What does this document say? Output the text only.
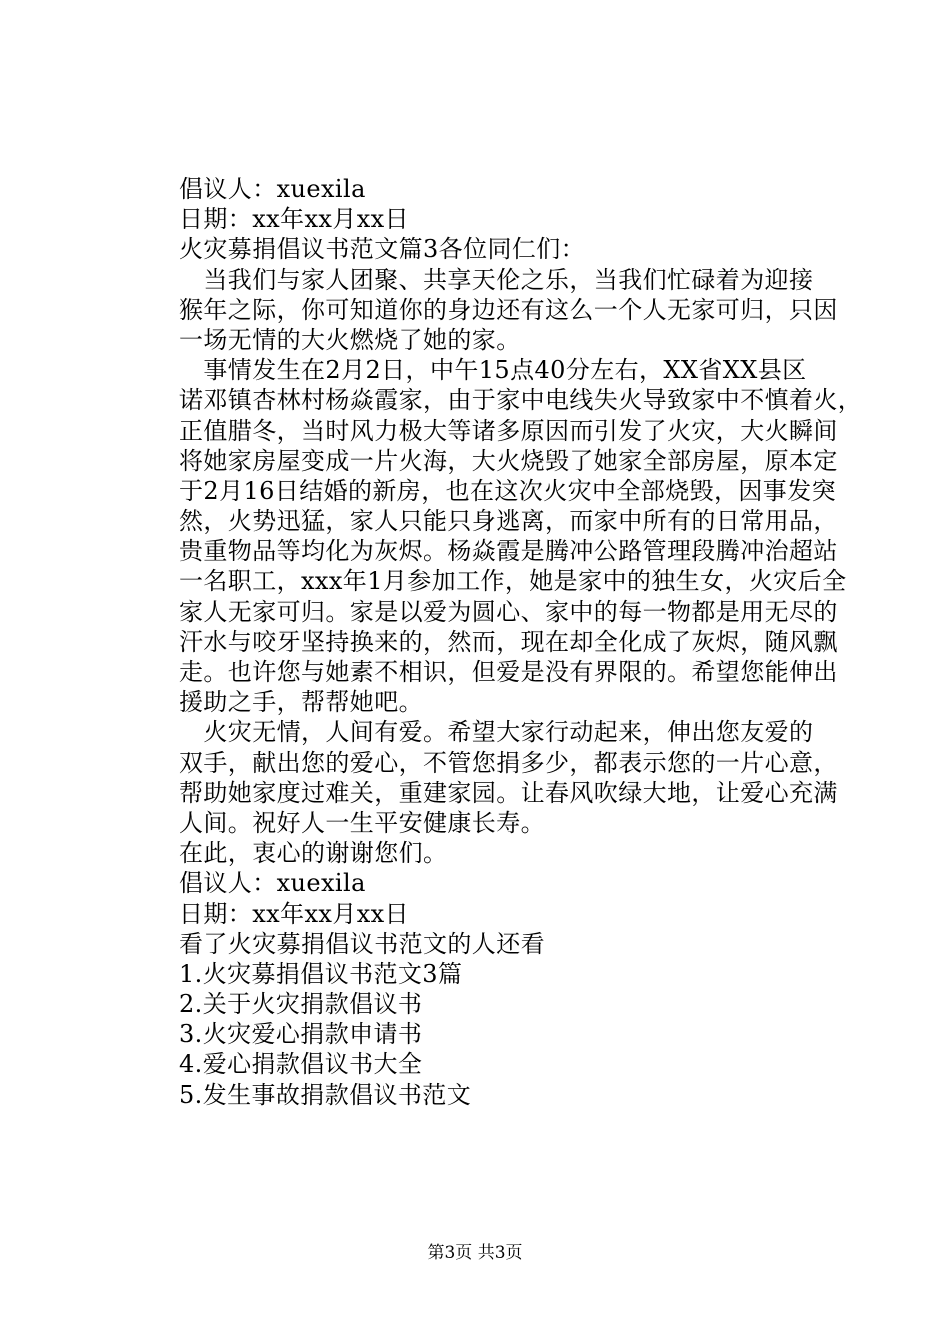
倡议人：xuexila
日期：xx年xx月xx日
火灾募捐倡议书范文篇3各位同仁们：
　当我们与家人团聚、共享天伦之乐，当我们忙碌着为迎接
猴年之际，你可知道你的身边还有这么一个人无家可归，只因
一场无情的大火燃烧了她的家。
　事情发生在2月2日，中午15点40分左右，XX省XX县区
诺邓镇杏林村杨焱霞家，由于家中电线失火导致家中不慎着火，
正值腊冬，当时风力极大等诸多原因而引发了火灾，大火瞬间
将她家房屋变成一片火海，大火烧毁了她家全部房屋，原本定
于2月16日结婚的新房，也在这次火灾中全部烧毁，因事发突
然，火势迅猛，家人只能只身逃离，而家中所有的日常用品，
贵重物品等均化为灰烬。杨焱霞是腾冲公路管理段腾冲治超站
一名职工，xxx年1月参加工作，她是家中的独生女，火灾后全
家人无家可归。家是以爱为圆心、家中的每一物都是用无尽的
汗水与咬牙坚持换来的，然而，现在却全化成了灰烬，随风飘
走。也许您与她素不相识，但爱是没有界限的。希望您能伸出
援助之手，帮帮她吧。
　火灾无情，人间有爱。希望大家行动起来，伸出您友爱的
双手，献出您的爱心，不管您捐多少，都表示您的一片心意，
帮助她家度过难关，重建家园。让春风吹绿大地，让爱心充满
人间。祝好人一生平安健康长寿。
在此，衷心的谢谢您们。
倡议人：xuexila
日期：xx年xx月xx日
看了火灾募捐倡议书范文的人还看
1.火灾募捐倡议书范文3篇
2.关于火灾捐款倡议书
3.火灾爱心捐款申请书
4.爱心捐款倡议书大全
5.发生事故捐款倡议书范文
第3页 共3页
